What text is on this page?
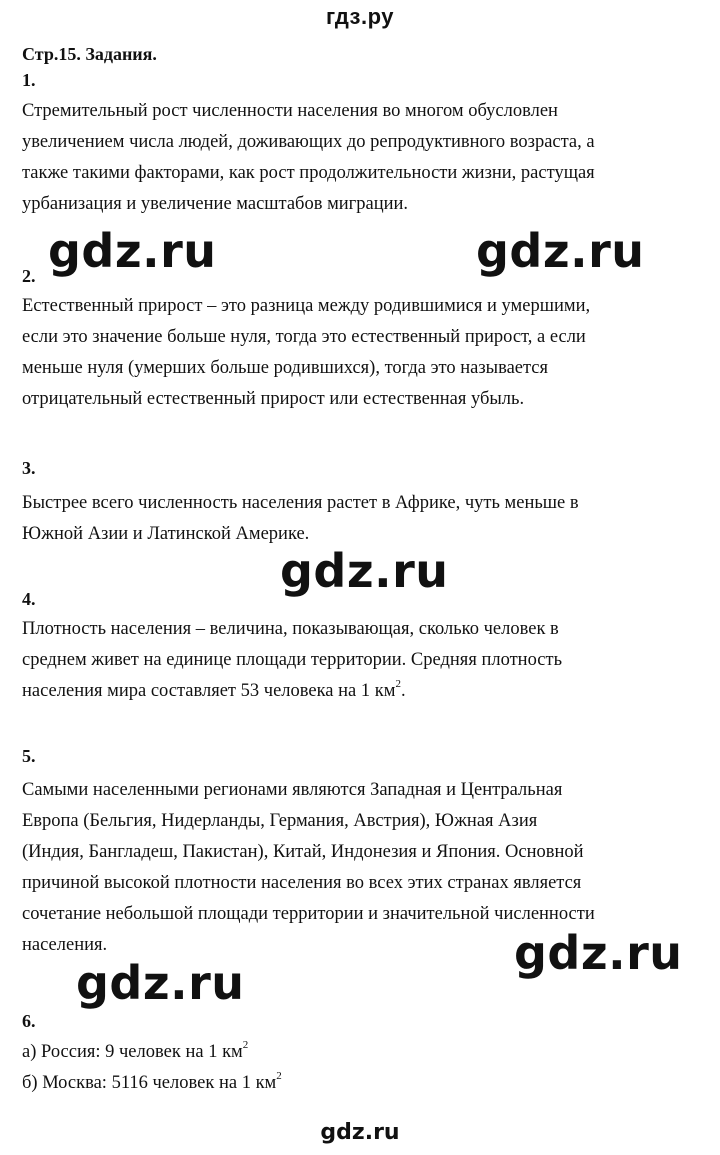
гдз.ру
Стр.15. Задания.
1.
Стремительный рост численности населения во многом обусловлен
увеличением числа людей, доживающих до репродуктивного возраста, а
также такими факторами, как рост продолжительности жизни, растущая
урбанизация и увеличение масштабов миграции.
2.
Естественный прирост – это разница между родившимися и умершими,
если это значение больше нуля, тогда это естественный прирост, а если
меньше нуля (умерших больше родившихся), тогда это называется
отрицательный естественный прирост или естественная убыль.
3.
Быстрее всего численность населения растет в Африке, чуть меньше в
Южной Азии и Латинской Америке.
4.
Плотность населения – величина, показывающая, сколько человек в
среднем живет на единице площади территории. Средняя плотность
населения мира составляет 53 человека на 1 $км^2$.
5.
Самыми населенными регионами являются Западная и Центральная
Европа (Бельгия, Нидерланды, Германия, Австрия), Южная Азия
(Индия, Бангладеш, Пакистан), Китай, Индонезия и Япония. Основной
причиной высокой плотности населения во всех этих странах является
сочетание небольшой площади территории и значительной численности
населения.
6.
а) Россия: 9 человек на 1 $км^2$
б) Москва: 5116 человек на 1 $км^2$
gdz.ru	gdz.ru
gdz.ru
gdz.ru
gdz.ru
gdz.ru
